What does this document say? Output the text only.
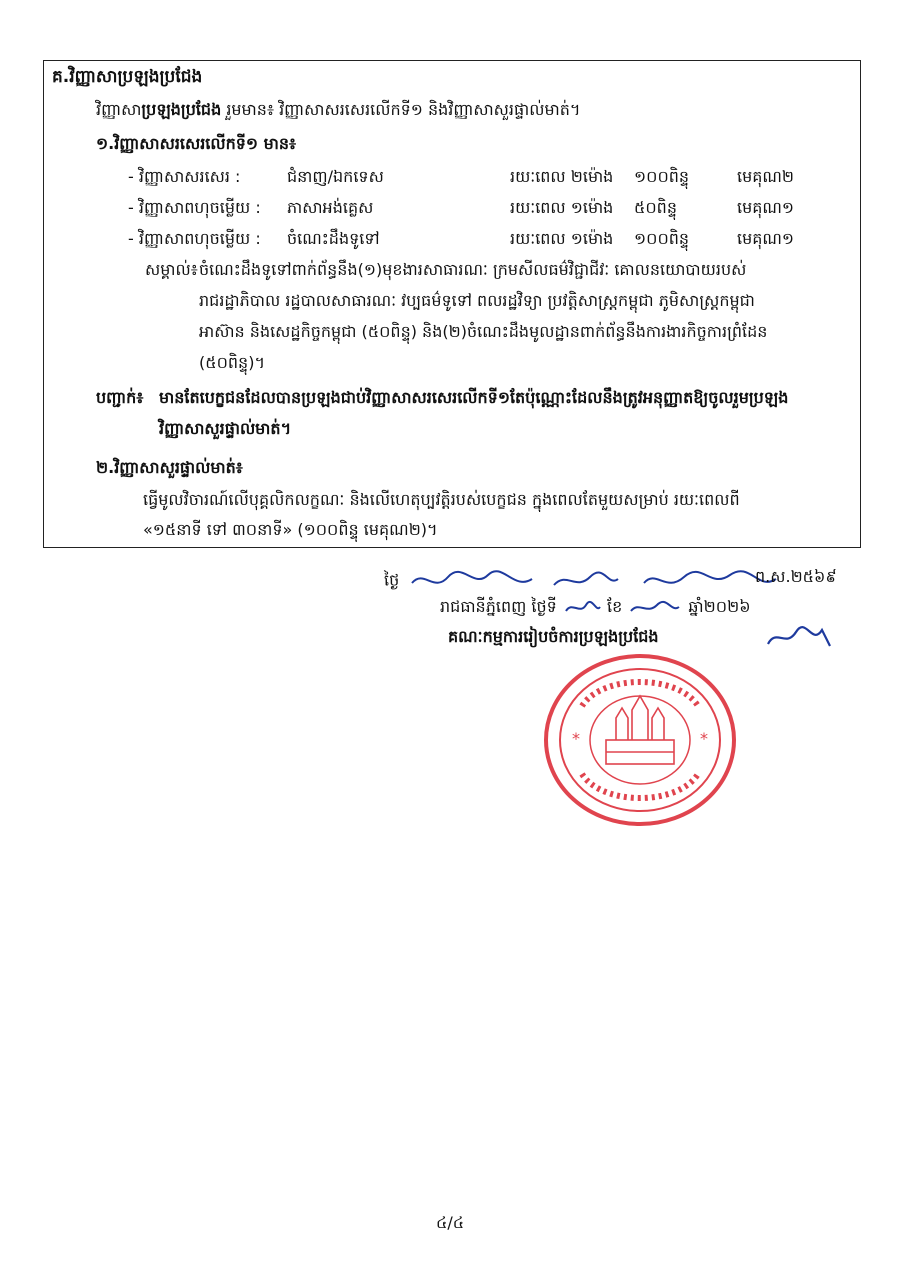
គ.វិញ្ញាសាប្រឡងប្រជែង
វិញ្ញាសាប្រឡងប្រជែង រួមមាន៖ វិញ្ញាសាសរសេរលើកទី១ និងវិញ្ញាសាសួរផ្ទាល់មាត់។
១.វិញ្ញាសាសរសេរលើកទី១ មាន៖
- វិញ្ញាសាសរសេរ :	ជំនាញ/ឯកទេស	រយៈពេល ២ម៉ោង ១០០ពិន្ទុ	មេគុណ២
- វិញ្ញាសាពហុចម្លើយ : ភាសាអង់គ្លេស	រយៈពេល ១ម៉ោង ៥០ពិន្ទុ	មេគុណ១
- វិញ្ញាសាពហុចម្លើយ : ចំណេះដឹងទូទៅ	រយៈពេល ១ម៉ោង ១០០ពិន្ទុ	មេគុណ១
សម្គាល់៖ ចំណេះដឹងទូទៅពាក់ព័ន្ធនឹង(១)មុខងារសាធារណៈ ក្រមសីលធម៌វិជ្ជាជីវៈ គោលនយោបាយរបស់
រាជរដ្ឋាភិបាល រដ្ឋបាលសាធារណៈ វប្បធម៌ទូទៅ ពលរដ្ឋវិទ្យា ប្រវត្តិសាស្ត្រកម្ពុជា ភូមិសាស្ត្រកម្ពុជា
អាស៊ាន និងសេដ្ឋកិច្ចកម្ពុជា (៥០ពិន្ទុ) និង(២)ចំណេះដឹងមូលដ្ឋានពាក់ព័ន្ធនឹងការងារកិច្ចការព្រំដែន
(៥០ពិន្ទុ)។
បញ្ជាក់៖ មានតែបេក្ខជនដែលបានប្រឡងជាប់វិញ្ញាសាសរសេរលើកទី១តែប៉ុណ្ណោះដែលនឹងត្រូវអនុញ្ញាតឱ្យចូលរួមប្រឡង
វិញ្ញាសាសួរផ្ទាល់មាត់។
២.វិញ្ញាសាសួរផ្ទាល់មាត់៖
ធ្វើមូលវិចារណ៍លើបុគ្គលិកលក្ខណៈ និងលើហេតុប្បវត្តិរបស់បេក្ខជន ក្នុងពេលតែមួយសម្រាប់ រយៈពេលពី
«១៥នាទី ទៅ ៣០នាទី» (១០០ពិន្ទុ មេគុណ២)។
ថ្ងៃ	ព.ស.២៥៦៩
រាជធានីភ្នំពេញ ថ្ងៃទី	ខែ	ឆ្នាំ២០២៦
គណៈកម្មការរៀបចំការប្រឡងប្រជែង
*	*
៤/៤
